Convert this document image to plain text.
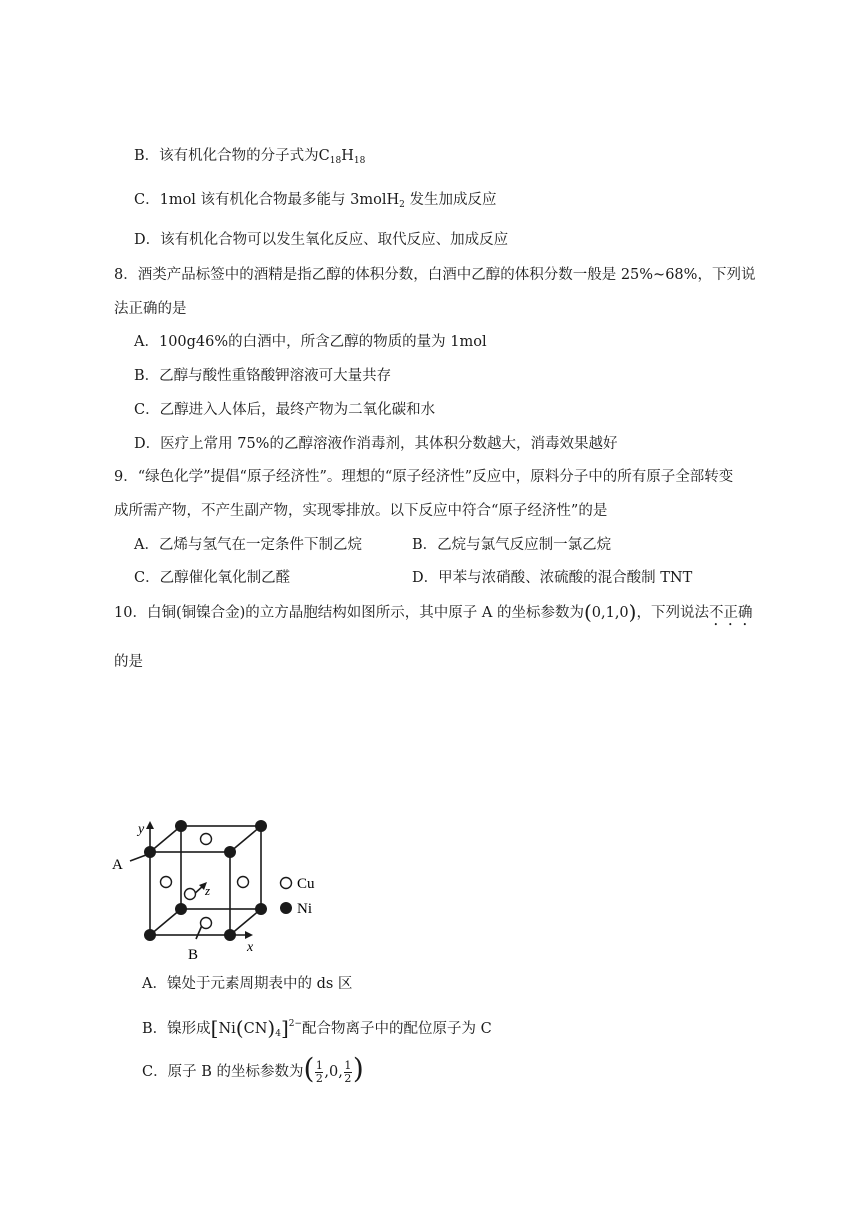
B．该有机化合物的分子式为$C_{18}H_{18}$
C．1mol 该有机化合物最多能与 3molH$_2$ 发生加成反应
D．该有机化合物可以发生氧化反应、取代反应、加成反应
8．酒类产品标签中的酒精是指乙醇的体积分数，白酒中乙醇的体积分数一般是 25%~68%，下列说
法正确的是
A．100g46%的白酒中，所含乙醇的物质的量为 1mol
B．乙醇与酸性重铬酸钾溶液可大量共存
C．乙醇进入人体后，最终产物为二氧化碳和水
D．医疗上常用 75%的乙醇溶液作消毒剂，其体积分数越大，消毒效果越好
9．“绿色化学”提倡“原子经济性”。理想的“原子经济性”反应中，原料分子中的所有原子全部转变
成所需产物，不产生副产物，实现零排放。以下反应中符合“原子经济性”的是
A．乙烯与氢气在一定条件下制乙烷	B．乙烷与氯气反应制一氯乙烷
C．乙醇催化氧化制乙醛	D．甲苯与浓硝酸、浓硫酸的混合酸制 TNT
10．白铜(铜镍合金)的立方晶胞结构如图所示，其中原子 A 的坐标参数为(0,1,0)，下列说法不正确
的是
y
x
z
A
B
Cu
Ni
A．镍处于元素周期表中的 ds 区
B．镍形成$[Ni(CN)_4]^{2-}$配合物离子中的配位原子为 C
C．原子 B 的坐标参数为( $\frac{1}{2} ,0$, $\frac{1}{2}$ )
